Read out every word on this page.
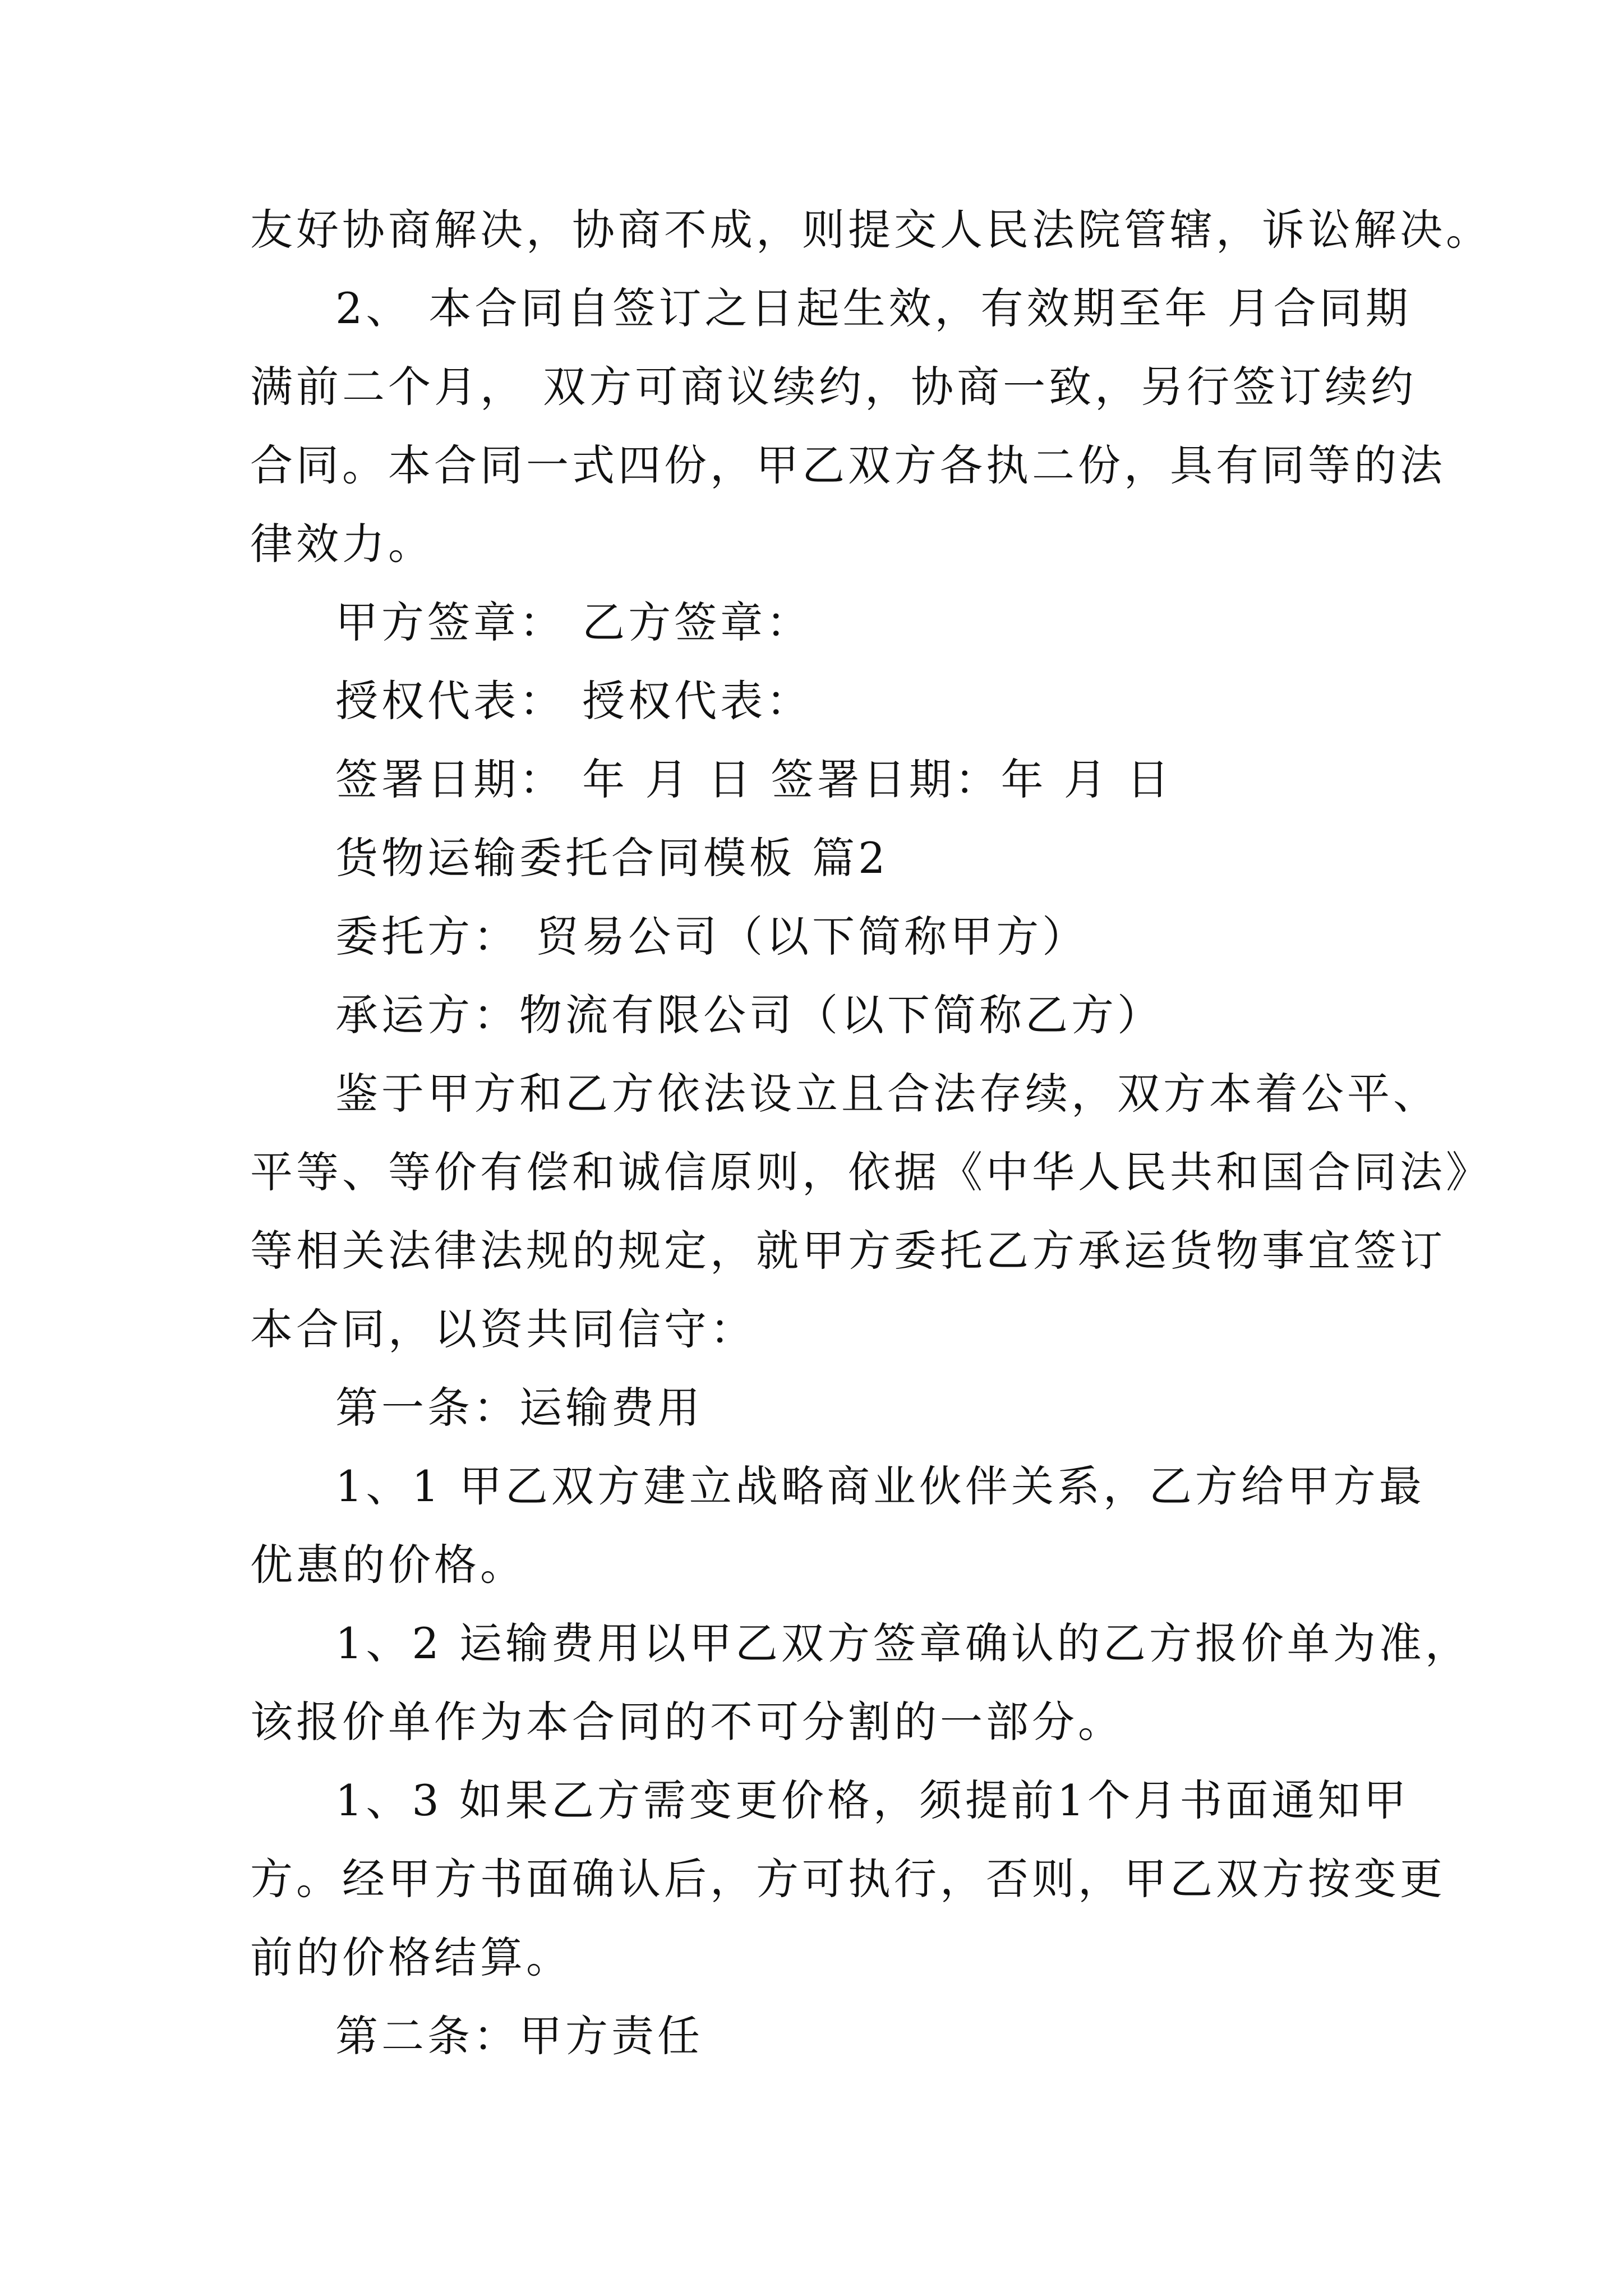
友好协商解决，协商不成，则提交人民法院管辖，诉讼解决。
2、 本合同自签订之日起生效，有效期至年 月合同期
满前二个月， 双方可商议续约，协商一致，另行签订续约
合同。本合同一式四份，甲乙双方各执二份，具有同等的法
律效力。
甲方签章： 乙方签章：
授权代表： 授权代表：
签署日期： 年 月 日 签署日期：年 月 日
货物运输委托合同模板 篇2
委托方： 贸易公司（以下简称甲方）
承运方：物流有限公司（以下简称乙方）
鉴于甲方和乙方依法设立且合法存续，双方本着公平、
平等、等价有偿和诚信原则，依据《中华人民共和国合同法》
等相关法律法规的规定，就甲方委托乙方承运货物事宜签订
本合同，以资共同信守：
第一条：运输费用
1、1 甲乙双方建立战略商业伙伴关系，乙方给甲方最
优惠的价格。
1、2 运输费用以甲乙双方签章确认的乙方报价单为准，
该报价单作为本合同的不可分割的一部分。
1、3 如果乙方需变更价格，须提前1个月书面通知甲
方。经甲方书面确认后，方可执行，否则，甲乙双方按变更
前的价格结算。
第二条：甲方责任
